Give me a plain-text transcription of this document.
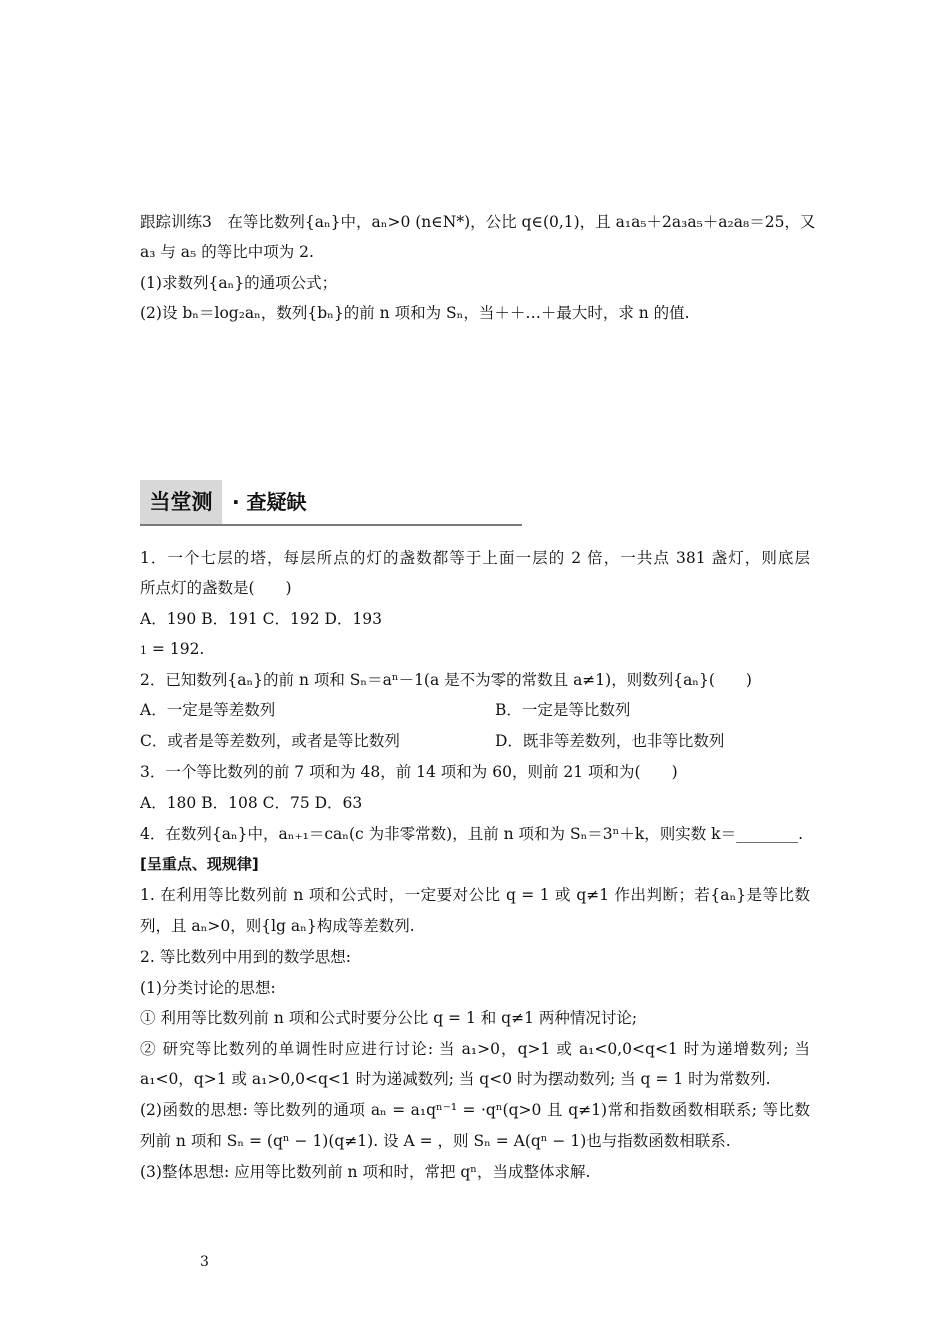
跟踪训练3　在等比数列{aₙ}中，aₙ>0 (n∈N*)，公比 q∈(0,1)，且 a₁a₅＋2a₃a₅＋a₂a₈＝25，又
a₃ 与 a₅ 的等比中项为 2.
(1)求数列{aₙ}的通项公式；
(2)设 bₙ＝log₂aₙ，数列{bₙ}的前 n 项和为 Sₙ，当＋＋…＋最大时，求 n 的值.
当堂测 · 查疑缺
1．一个七层的塔，每层所点的灯的盏数都等于上面一层的 2 倍，一共点 381 盏灯，则底层
所点灯的盏数是(　　)
A．190 B．191 C．192 D．193
1 = 192.
2．已知数列{aₙ}的前 n 项和 Sₙ＝aⁿ－1(a 是不为零的常数且 a≠1)，则数列{aₙ}(　　)
A．一定是等差数列	B．一定是等比数列
C．或者是等差数列，或者是等比数列	D．既非等差数列，也非等比数列
3．一个等比数列的前 7 项和为 48，前 14 项和为 60，则前 21 项和为(　　)
A．180 B．108 C．75 D．63
4．在数列{aₙ}中，aₙ₊₁＝caₙ(c 为非零常数)，且前 n 项和为 Sₙ＝3ⁿ＋k，则实数 k＝________.
[呈重点、现规律]
1. 在利用等比数列前 n 项和公式时，一定要对公比 q = 1 或 q≠1 作出判断；若{aₙ}是等比数
列，且 aₙ>0，则{lg aₙ}构成等差数列.
2. 等比数列中用到的数学思想:
(1)分类讨论的思想:
① 利用等比数列前 n 项和公式时要分公比 q = 1 和 q≠1 两种情况讨论;
② 研究等比数列的单调性时应进行讨论: 当 a₁>0，q>1 或 a₁<0,0<q<1 时为递增数列; 当
a₁<0，q>1 或 a₁>0,0<q<1 时为递减数列; 当 q<0 时为摆动数列; 当 q = 1 时为常数列.
(2)函数的思想: 等比数列的通项 aₙ = a₁qⁿ⁻¹ = ·qⁿ(q>0 且 q≠1)常和指数函数相联系; 等比数
列前 n 项和 Sₙ = (qⁿ − 1)(q≠1). 设 A = ，则 Sₙ = A(qⁿ − 1)也与指数函数相联系.
(3)整体思想: 应用等比数列前 n 项和时，常把 qⁿ，当成整体求解.
3
